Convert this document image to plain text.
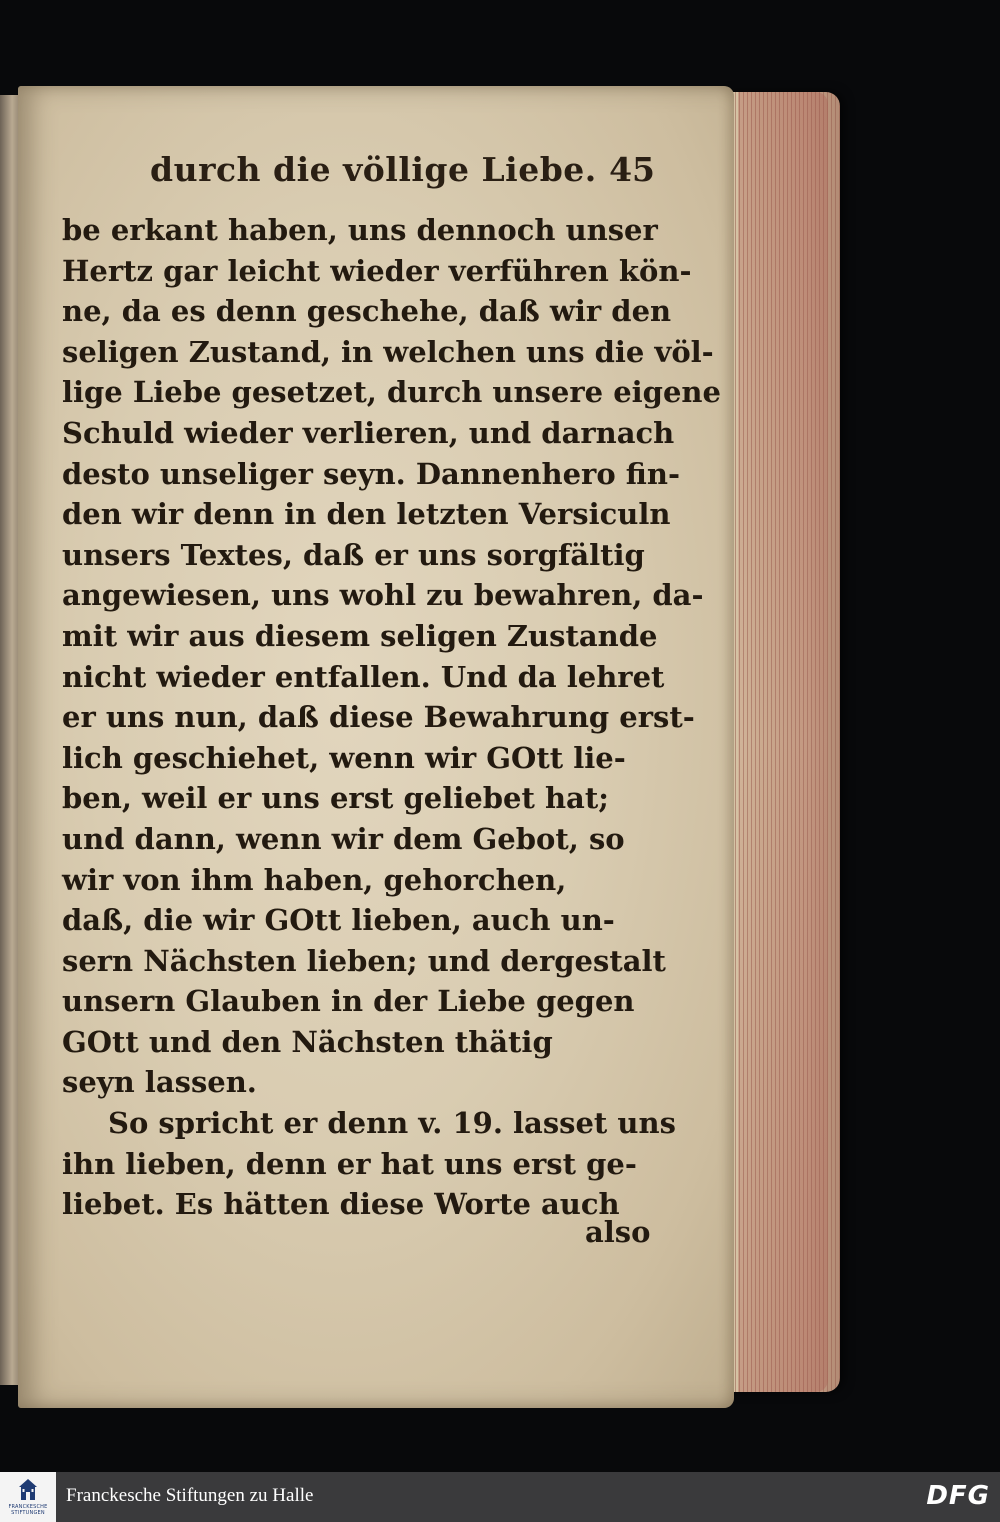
durch die völlige Liebe. 45
be erkant haben, uns dennoch unser
Hertz gar leicht wieder verführen kön-
ne, da es denn geschehe, daß wir den
seligen Zustand, in welchen uns die völ-
lige Liebe gesetzet, durch unsere eigene
Schuld wieder verlieren, und darnach
desto unseliger seyn. Dannenhero fin-
den wir denn in den letzten Versiculn
unsers Textes, daß er uns sorgfältig
angewiesen, uns wohl zu bewahren, da-
mit wir aus diesem seligen Zustande
nicht wieder entfallen. Und da lehret
er uns nun, daß diese Bewahrung erst-
lich geschiehet, wenn wir GOtt lie-
ben, weil er uns erst geliebet hat;
und dann, wenn wir dem Gebot, so
wir von ihm haben, gehorchen,
daß, die wir GOtt lieben, auch un-
sern Nächsten lieben; und dergestalt
unsern Glauben in der Liebe gegen
GOtt und den Nächsten thätig
seyn lassen.
So spricht er denn v. 19. lasset uns
ihn lieben, denn er hat uns erst ge-
liebet. Es hätten diese Worte auch
also
FRANCKESCHE
STIFTUNGEN
Franckesche Stiftungen zu Halle	DFG
